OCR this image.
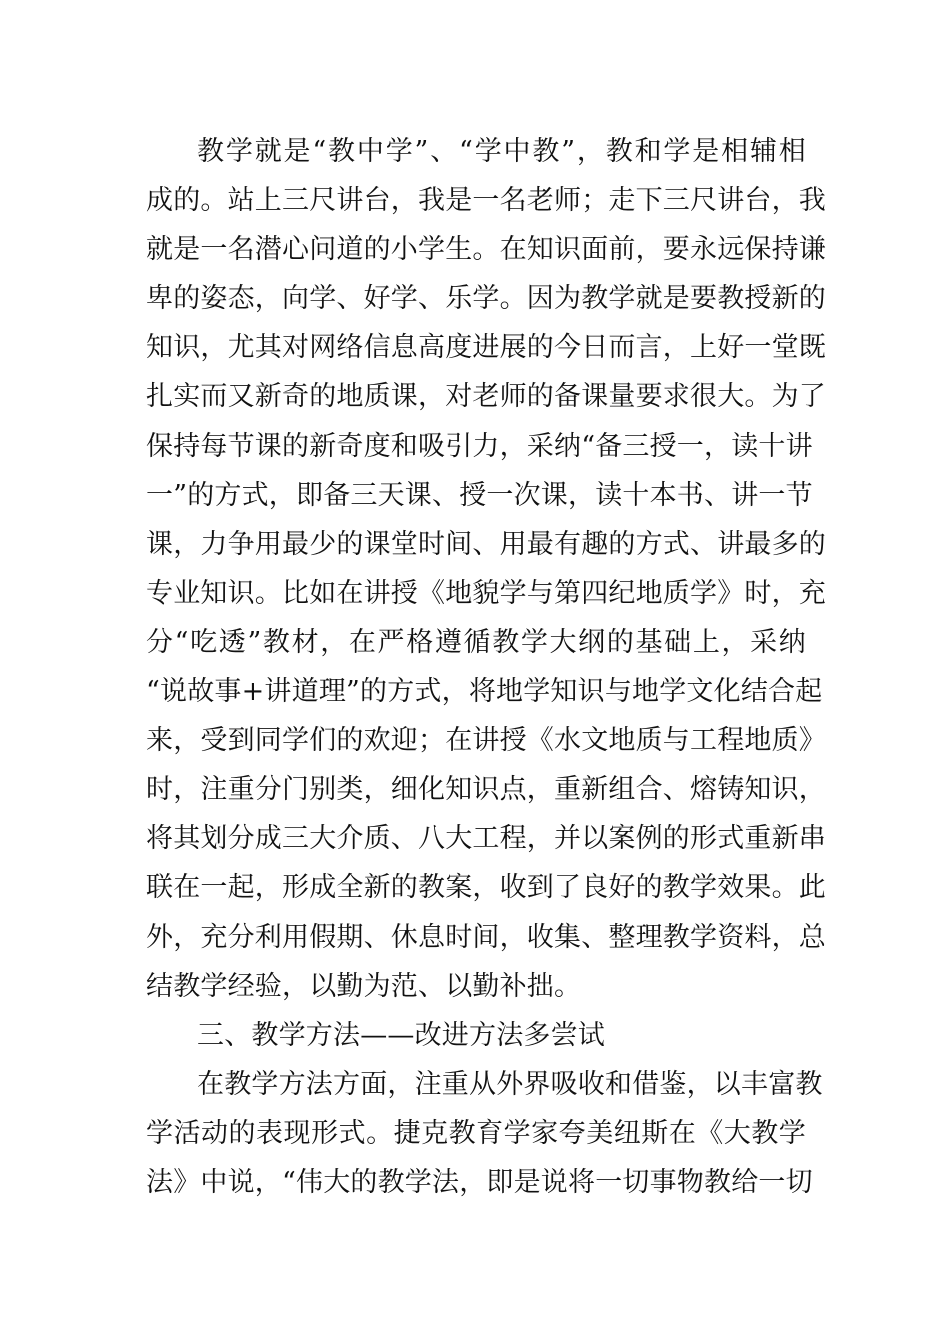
教学就是“教中学”、“学中教”，教和学是相辅相
成的。站上三尺讲台，我是一名老师；走下三尺讲台，我
就是一名潜心问道的小学生。在知识面前，要永远保持谦
卑的姿态，向学、好学、乐学。因为教学就是要教授新的
知识，尤其对网络信息高度进展的今日而言，上好一堂既
扎实而又新奇的地质课，对老师的备课量要求很大。为了
保持每节课的新奇度和吸引力，采纳“备三授一，读十讲
一”的方式，即备三天课、授一次课，读十本书、讲一节
课，力争用最少的课堂时间、用最有趣的方式、讲最多的
专业知识。比如在讲授《地貌学与第四纪地质学》时，充
分“吃透”教材，在严格遵循教学大纲的基础上，采纳
“说故事+讲道理”的方式，将地学知识与地学文化结合起
来，受到同学们的欢迎；在讲授《水文地质与工程地质》
时，注重分门别类，细化知识点，重新组合、熔铸知识，
将其划分成三大介质、八大工程，并以案例的形式重新串
联在一起，形成全新的教案，收到了良好的教学效果。此
外，充分利用假期、休息时间，收集、整理教学资料，总
结教学经验，以勤为范、以勤补拙。
三、教学方法——改进方法多尝试
在教学方法方面，注重从外界吸收和借鉴，以丰富教
学活动的表现形式。捷克教育学家夸美纽斯在《大教学
法》中说，“伟大的教学法，即是说将一切事物教给一切
